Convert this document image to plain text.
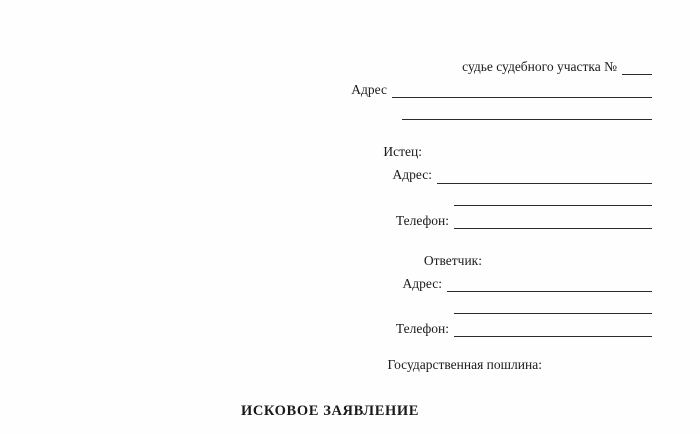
судье судебного участка №
Адрес
Истец:
Адрес:
Телефон:
Ответчик:
Адрес:
Телефон:
Государственная пошлина:
ИСКОВОЕ ЗАЯВЛЕНИЕ
